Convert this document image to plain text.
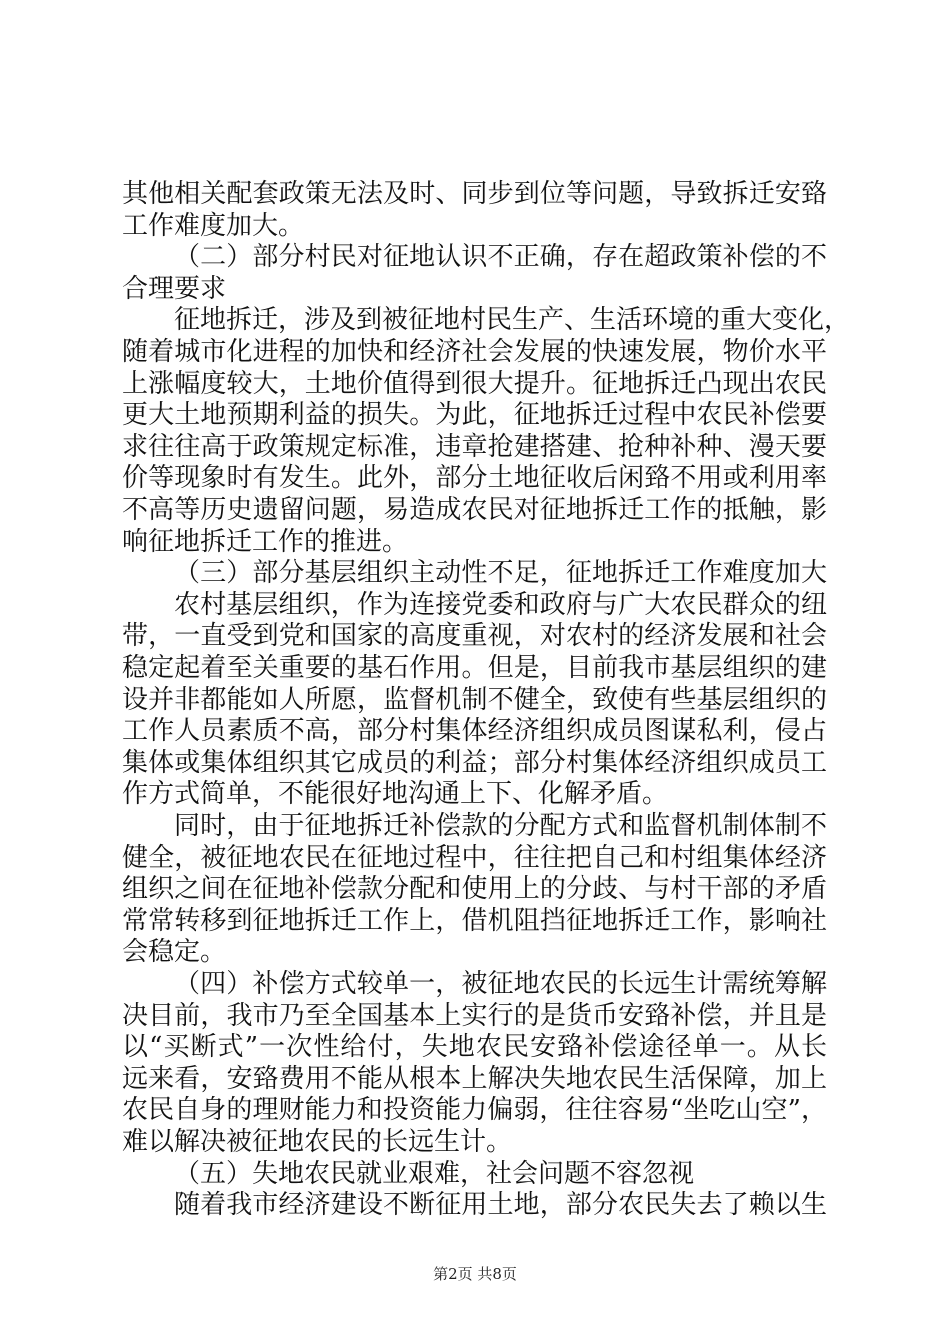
其他相关配套政策无法及时、同步到位等问题，导致拆迁安臵
工作难度加大。
（二）部分村民对征地认识不正确，存在超政策补偿的不
合理要求
征地拆迁，涉及到被征地村民生产、生活环境的重大变化，
随着城市化进程的加快和经济社会发展的快速发展，物价水平
上涨幅度较大，土地价值得到很大提升。征地拆迁凸现出农民
更大土地预期利益的损失。为此，征地拆迁过程中农民补偿要
求往往高于政策规定标准，违章抢建搭建、抢种补种、漫天要
价等现象时有发生。此外，部分土地征收后闲臵不用或利用率
不高等历史遗留问题，易造成农民对征地拆迁工作的抵触，影
响征地拆迁工作的推进。
（三）部分基层组织主动性不足，征地拆迁工作难度加大
农村基层组织，作为连接党委和政府与广大农民群众的纽
带，一直受到党和国家的高度重视，对农村的经济发展和社会
稳定起着至关重要的基石作用。但是，目前我市基层组织的建
设并非都能如人所愿，监督机制不健全，致使有些基层组织的
工作人员素质不高，部分村集体经济组织成员图谋私利，侵占
集体或集体组织其它成员的利益；部分村集体经济组织成员工
作方式简单，不能很好地沟通上下、化解矛盾。
同时，由于征地拆迁补偿款的分配方式和监督机制体制不
健全，被征地农民在征地过程中，往往把自己和村组集体经济
组织之间在征地补偿款分配和使用上的分歧、与村干部的矛盾
常常转移到征地拆迁工作上，借机阻挡征地拆迁工作，影响社
会稳定。
（四）补偿方式较单一，被征地农民的长远生计需统筹解
决目前，我市乃至全国基本上实行的是货币安臵补偿，并且是
以“买断式”一次性给付，失地农民安臵补偿途径单一。从长
远来看，安臵费用不能从根本上解决失地农民生活保障，加上
农民自身的理财能力和投资能力偏弱，往往容易“坐吃山空”，
难以解决被征地农民的长远生计。
（五）失地农民就业艰难，社会问题不容忽视
随着我市经济建设不断征用土地，部分农民失去了赖以生
第2页 共8页
